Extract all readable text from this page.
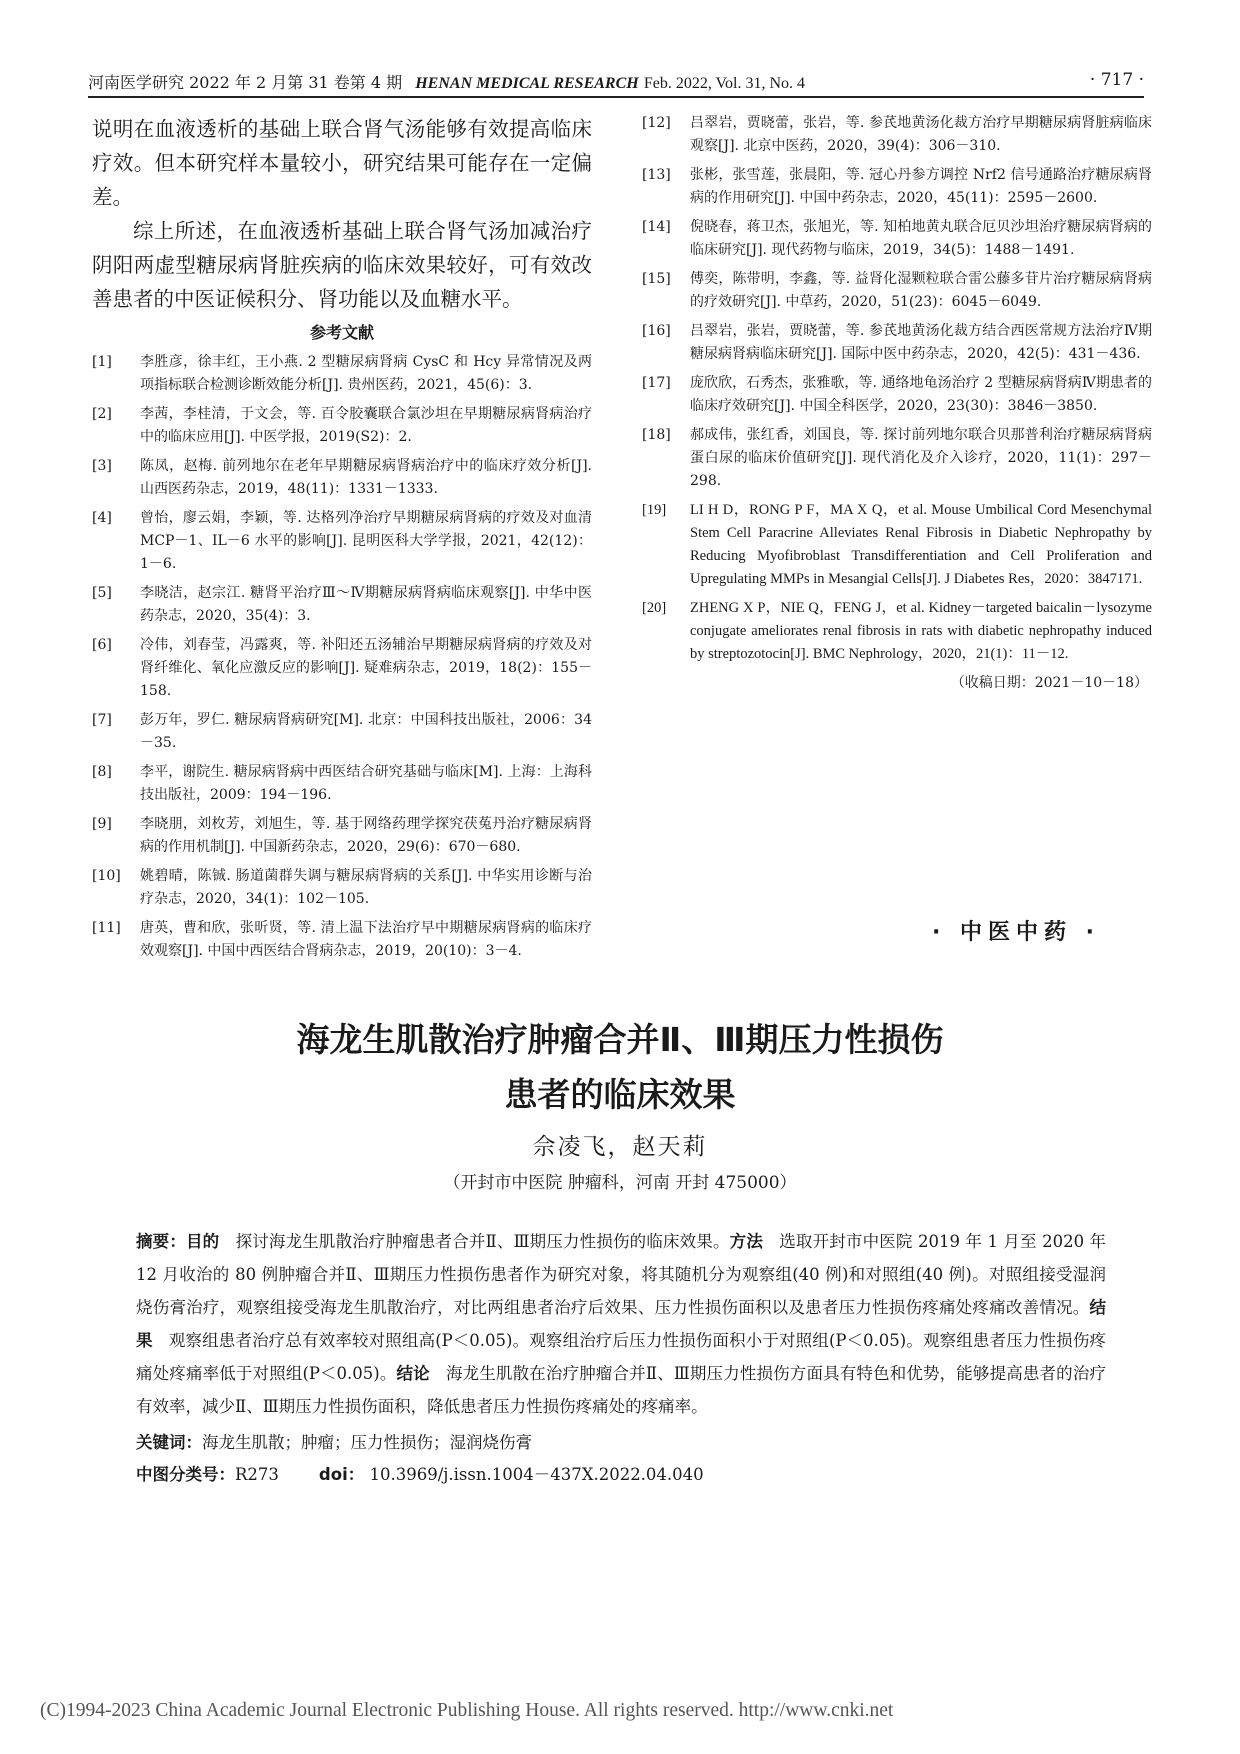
河南医学研究 2022 年 2 月第 31 卷第 4 期 HENAN MEDICAL RESEARCH Feb. 2022, Vol. 31, No. 4	· 717 ·

说明在血液透析的基础上联合肾气汤能够有效提高临床疗效。但本研究样本量较小，研究结果可能存在一定偏差。

综上所述，在血液透析基础上联合肾气汤加减治疗阴阳两虚型糖尿病肾脏疾病的临床效果较好，可有效改善患者的中医证候积分、肾功能以及血糖水平。

参考文献
[1]	李胜彦，徐丰红，王小燕. 2 型糖尿病肾病 CysC 和 Hcy 异常情况及两项指标联合检测诊断效能分析[J]. 贵州医药，2021，45(6)：3.
[2]	李茜，李桂清，于文会，等. 百令胶囊联合氯沙坦在早期糖尿病肾病治疗中的临床应用[J]. 中医学报，2019(S2)：2.
[3]	陈凤，赵梅. 前列地尔在老年早期糖尿病肾病治疗中的临床疗效分析[J]. 山西医药杂志，2019，48(11)：1331－1333.
[4]	曾怡，廖云娟，李颖，等. 达格列净治疗早期糖尿病肾病的疗效及对血清 MCP－1、IL－6 水平的影响[J]. 昆明医科大学学报，2021，42(12)：1－6.
[5]	李晓洁，赵宗江. 糖肾平治疗Ⅲ～Ⅳ期糖尿病肾病临床观察[J]. 中华中医药杂志，2020，35(4)：3.
[6]	冷伟，刘春莹，冯露爽，等. 补阳还五汤辅治早期糖尿病肾病的疗效及对肾纤维化、氧化应激反应的影响[J]. 疑难病杂志，2019，18(2)：155－158.
[7]	彭万年，罗仁. 糖尿病肾病研究[M]. 北京：中国科技出版社，2006：34－35.
[8]	李平，谢院生. 糖尿病肾病中西医结合研究基础与临床[M]. 上海：上海科技出版社，2009：194－196.
[9]	李晓朋，刘枚芳，刘旭生，等. 基于网络药理学探究茯菟丹治疗糖尿病肾病的作用机制[J]. 中国新药杂志，2020，29(6)：670－680.
[10]	姚碧晴，陈铖. 肠道菌群失调与糖尿病肾病的关系[J]. 中华实用诊断与治疗杂志，2020，34(1)：102－105.
[11]	唐英，曹和欣，张昕贤，等. 清上温下法治疗早中期糖尿病肾病的临床疗效观察[J]. 中国中西医结合肾病杂志，2019，20(10)：3－4.
[12]	吕翠岩，贾晓蕾，张岩，等. 参芪地黄汤化裁方治疗早期糖尿病肾脏病临床观察[J]. 北京中医药，2020，39(4)：306－310.
[13]	张彬，张雪莲，张晨阳，等. 冠心丹参方调控 Nrf2 信号通路治疗糖尿病肾病的作用研究[J]. 中国中药杂志，2020，45(11)：2595－2600.
[14]	倪晓春，蒋卫杰，张旭光，等. 知柏地黄丸联合厄贝沙坦治疗糖尿病肾病的临床研究[J]. 现代药物与临床，2019，34(5)：1488－1491.
[15]	傅奕，陈带明，李鑫，等. 益肾化湿颗粒联合雷公藤多苷片治疗糖尿病肾病的疗效研究[J]. 中草药，2020，51(23)：6045－6049.
[16]	吕翠岩，张岩，贾晓蕾，等. 参芪地黄汤化裁方结合西医常规方法治疗Ⅳ期糖尿病肾病临床研究[J]. 国际中医中药杂志，2020，42(5)：431－436.
[17]	庞欣欣，石秀杰，张雅歌，等. 通络地龟汤治疗 2 型糖尿病肾病Ⅳ期患者的临床疗效研究[J]. 中国全科医学，2020，23(30)：3846－3850.
[18]	郝成伟，张红香，刘国良，等. 探讨前列地尔联合贝那普利治疗糖尿病肾病蛋白尿的临床价值研究[J]. 现代消化及介入诊疗，2020，11(1)：297－298.
[19]	LI H D，RONG P F，MA X Q，et al. Mouse Umbilical Cord Mesenchymal Stem Cell Paracrine Alleviates Renal Fibrosis in Diabetic Nephropathy by Reducing Myofibroblast Transdifferentiation and Cell Proliferation and Upregulating MMPs in Mesangial Cells[J]. J Diabetes Res，2020：3847171.
[20]	ZHENG X P，NIE Q，FENG J，et al. Kidney－targeted baicalin－lysozyme conjugate ameliorates renal fibrosis in rats with diabetic nephropathy induced by streptozotocin[J]. BMC Nephrology，2020，21(1)：11－12.
（收稿日期：2021－10－18）
· 中医中药 ·
海龙生肌散治疗肿瘤合并Ⅱ、Ⅲ期压力性损伤
患者的临床效果
佘凌飞，赵天莉
（开封市中医院 肿瘤科，河南 开封 475000）
摘要：目的 探讨海龙生肌散治疗肿瘤患者合并Ⅱ、Ⅲ期压力性损伤的临床效果。方法 选取开封市中医院 2019 年 1 月至 2020 年 12 月收治的 80 例肿瘤合并Ⅱ、Ⅲ期压力性损伤患者作为研究对象，将其随机分为观察组(40 例)和对照组(40 例)。对照组接受湿润烧伤膏治疗，观察组接受海龙生肌散治疗，对比两组患者治疗后效果、压力性损伤面积以及患者压力性损伤疼痛处疼痛改善情况。结果 观察组患者治疗总有效率较对照组高(P＜0.05)。观察组治疗后压力性损伤面积小于对照组(P＜0.05)。观察组患者压力性损伤疼痛处疼痛率低于对照组(P＜0.05)。结论 海龙生肌散在治疗肿瘤合并Ⅱ、Ⅲ期压力性损伤方面具有特色和优势，能够提高患者的治疗有效率，减少Ⅱ、Ⅲ期压力性损伤面积，降低患者压力性损伤疼痛处的疼痛率。
关键词：海龙生肌散；肿瘤；压力性损伤；湿润烧伤膏
中图分类号：R273 doi： 10.3969/j.issn.1004－437X.2022.04.040
(C)1994-2023 China Academic Journal Electronic Publishing House. All rights reserved. http://www.cnki.net
